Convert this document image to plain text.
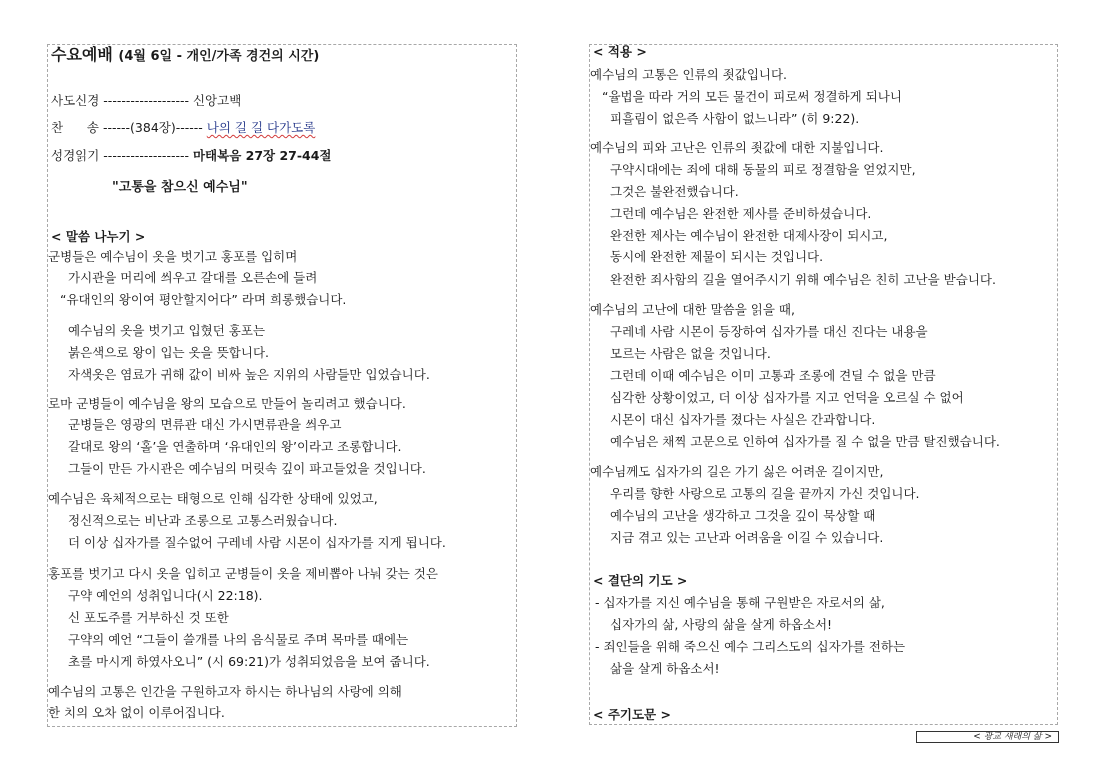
수요예배 (4월 6일 - 개인/가족 경건의 시간)
사도신경 ------------------- 신앙고백
찬      송 ------(384장)------ 나의 길 길 다가도록
성경읽기 ------------------- 마태복음 27장 27-44절
"고통을 참으신 예수님"
< 말씀 나누기 >
군병들은 예수님이 옷을 벗기고 홍포를 입히며
가시관을 머리에 씌우고 갈대를 오른손에 들려
“유대인의 왕이여 평안할지어다” 라며 희롱했습니다.
예수님의 옷을 벗기고 입혔던 홍포는
붉은색으로 왕이 입는 옷을 뜻합니다.
자색옷은 염료가 귀해 값이 비싸 높은 지위의 사람들만 입었습니다.
로마 군병들이 예수님을 왕의 모습으로 만들어 놀리려고 했습니다.
군병들은 영광의 면류관 대신 가시면류관을 씌우고
갈대로 왕의 ‘홀’을 연출하며 ‘유대인의 왕’이라고 조롱합니다.
그들이 만든 가시관은 예수님의 머릿속 깊이 파고들었을 것입니다.
예수님은 육체적으로는 태형으로 인해 심각한 상태에 있었고,
정신적으로는 비난과 조롱으로 고통스러웠습니다.
더 이상 십자가를 질수없어 구레네 사람 시몬이 십자가를 지게 됩니다.
홍포를 벗기고 다시 옷을 입히고 군병들이 옷을 제비뽑아 나눠 갖는 것은
구약 예언의 성취입니다(시 22:18).
신 포도주를 거부하신 것 또한
구약의 예언 “그들이 쓸개를 나의 음식물로 주며 목마를 때에는
초를 마시게 하였사오니” (시 69:21)가 성취되었음을 보여 줍니다.
예수님의 고통은 인간을 구원하고자 하시는 하나님의 사랑에 의해
한 치의 오차 없이 이루어집니다.
< 적용 >
예수님의 고통은 인류의 죗값입니다.
“율법을 따라 거의 모든 물건이 피로써 정결하게 되나니
피흘림이 없은즉 사함이 없느니라” (히 9:22).
예수님의 피와 고난은 인류의 죗값에 대한 지불입니다.
구약시대에는 죄에 대해 동물의 피로 정결함을 얻었지만,
그것은 불완전했습니다.
그런데 예수님은 완전한 제사를 준비하셨습니다.
완전한 제사는 예수님이 완전한 대제사장이 되시고,
동시에 완전한 제물이 되시는 것입니다.
완전한 죄사함의 길을 열어주시기 위해 예수님은 친히 고난을 받습니다.
예수님의 고난에 대한 말씀을 읽을 때,
구레네 사람 시몬이 등장하여 십자가를 대신 진다는 내용을
모르는 사람은 없을 것입니다.
그런데 이때 예수님은 이미 고통과 조롱에 견딜 수 없을 만큼
심각한 상황이었고, 더 이상 십자가를 지고 언덕을 오르실 수 없어
시몬이 대신 십자가를 졌다는 사실은 간과합니다.
예수님은 채찍 고문으로 인하여 십자가를 질 수 없을 만큼 탈진했습니다.
예수님께도 십자가의 길은 가기 싫은 어려운 길이지만,
우리를 향한 사랑으로 고통의 길을 끝까지 가신 것입니다.
예수님의 고난을 생각하고 그것을 깊이 묵상할 때
지금 겪고 있는 고난과 어려움을 이길 수 있습니다.
< 결단의 기도 >
- 십자가를 지신 예수님을 통해 구원받은 자로서의 삶,
십자가의 삶, 사랑의 삶을 살게 하옵소서!
- 죄인들을 위해 죽으신 예수 그리스도의 십자가를 전하는
삶을 살게 하옵소서!
< 주기도문 >
< 광교 새래의 삶 >
